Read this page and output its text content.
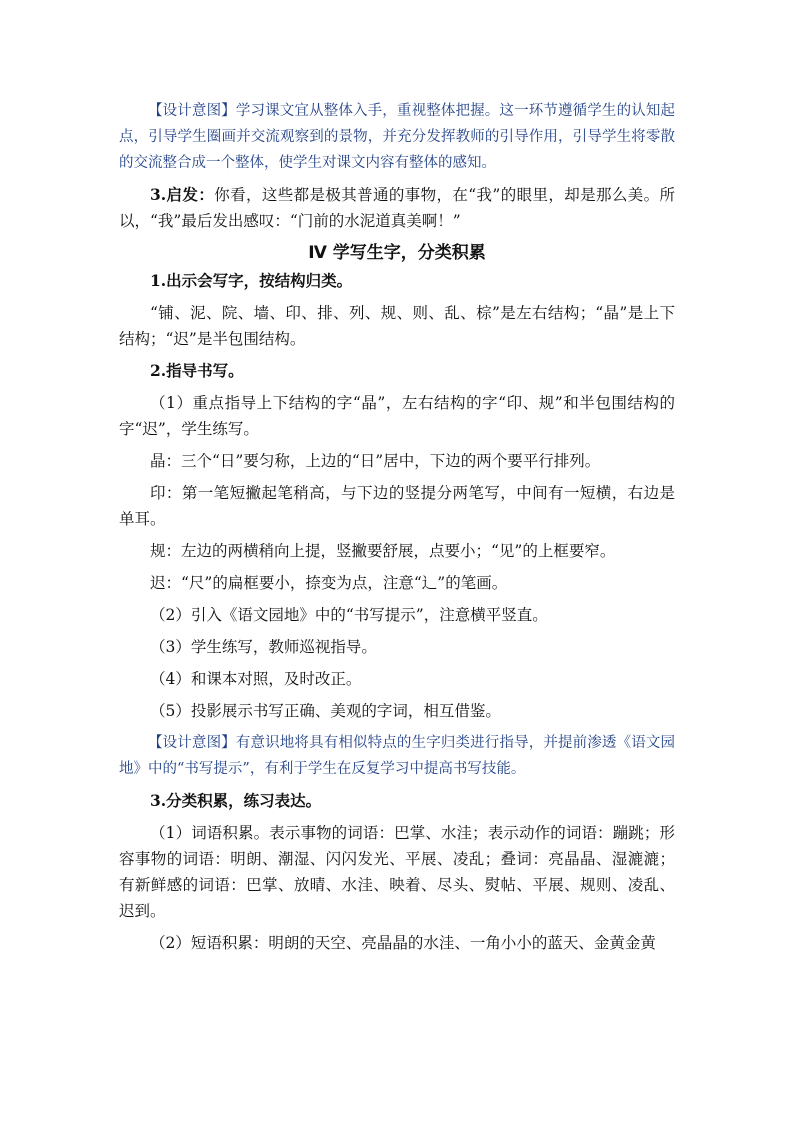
【设计意图】学习课文宜从整体入手，重视整体把握。这一环节遵循学生的认知起点，引导学生圈画并交流观察到的景物，并充分发挥教师的引导作用，引导学生将零散的交流整合成一个整体，使学生对课文内容有整体的感知。

3.启发：你看，这些都是极其普通的事物，在“我”的眼里，却是那么美。所以，“我”最后发出感叹：“门前的水泥道真美啊！”

Ⅳ 学写生字，分类积累

1.出示会写字，按结构归类。

“铺、泥、院、墙、印、排、列、规、则、乱、棕”是左右结构；“晶”是上下结构；“迟”是半包围结构。

2.指导书写。

（1）重点指导上下结构的字“晶”，左右结构的字“印、规”和半包围结构的字“迟”，学生练写。

晶：三个“日”要匀称，上边的“日”居中，下边的两个要平行排列。

印：第一笔短撇起笔稍高，与下边的竖提分两笔写，中间有一短横，右边是单耳。

规：左边的两横稍向上提，竖撇要舒展，点要小；“见”的上框要窄。

迟：“尺”的扁框要小，捺变为点，注意“辶”的笔画。

（2）引入《语文园地》中的“书写提示”，注意横平竖直。

（3）学生练写，教师巡视指导。

（4）和课本对照，及时改正。

（5）投影展示书写正确、美观的字词，相互借鉴。

【设计意图】有意识地将具有相似特点的生字归类进行指导，并提前渗透《语文园地》中的“书写提示”，有利于学生在反复学习中提高书写技能。

3.分类积累，练习表达。

（1）词语积累。表示事物的词语：巴掌、水洼；表示动作的词语：蹦跳；形容事物的词语：明朗、潮湿、闪闪发光、平展、凌乱；叠词：亮晶晶、湿漉漉；有新鲜感的词语：巴掌、放晴、水洼、映着、尽头、熨帖、平展、规则、凌乱、迟到。

（2）短语积累：明朗的天空、亮晶晶的水洼、一角小小的蓝天、金黄金黄
